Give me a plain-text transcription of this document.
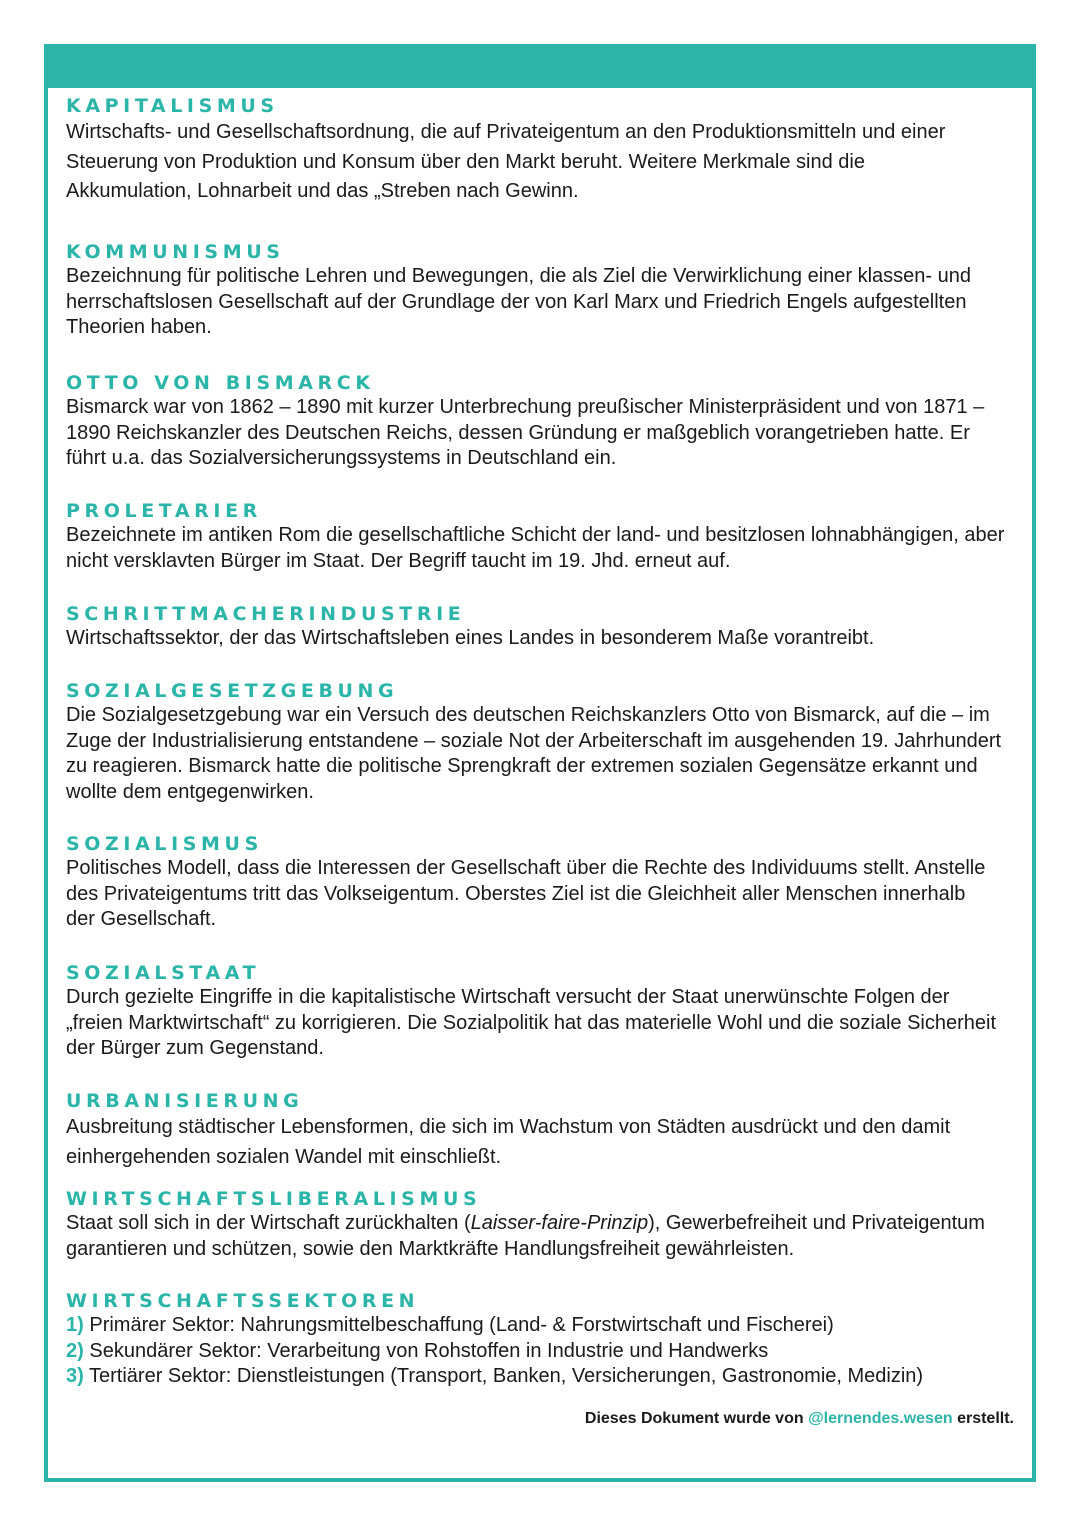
KAPITALISMUS
Wirtschafts- und Gesellschaftsordnung, die auf Privateigentum an den Produktionsmitteln und einer Steuerung von Produktion und Konsum über den Markt beruht. Weitere Merkmale sind die Akkumulation, Lohnarbeit und das „Streben nach Gewinn.
KOMMUNISMUS
Bezeichnung für politische Lehren und Bewegungen, die als Ziel die Verwirklichung einer klassen- und herrschaftslosen Gesellschaft auf der Grundlage der von Karl Marx und Friedrich Engels aufgestellten Theorien haben.
OTTO VON BISMARCK
Bismarck war von 1862 – 1890 mit kurzer Unterbrechung preußischer Ministerpräsident und von 1871 – 1890 Reichskanzler des Deutschen Reichs, dessen Gründung er maßgeblich vorangetrieben hatte. Er führt u.a. das Sozialversicherungssystems in Deutschland ein.
PROLETARIER
Bezeichnete im antiken Rom die gesellschaftliche Schicht der land- und besitzlosen lohnabhängigen, aber nicht versklavten Bürger im Staat. Der Begriff taucht im 19. Jhd. erneut auf.
SCHRITTMACHERINDUSTRIE
Wirtschaftssektor, der das Wirtschaftsleben eines Landes in besonderem Maße vorantreibt.
SOZIALGESETZGEBUNG
Die Sozialgesetzgebung war ein Versuch des deutschen Reichskanzlers Otto von Bismarck, auf die – im Zuge der Industrialisierung entstandene – soziale Not der Arbeiterschaft im ausgehenden 19. Jahrhundert zu reagieren. Bismarck hatte die politische Sprengkraft der extremen sozialen Gegensätze erkannt und wollte dem entgegenwirken.
SOZIALISMUS
Politisches Modell, dass die Interessen der Gesellschaft über die Rechte des Individuums stellt. Anstelle des Privateigentums tritt das Volkseigentum. Oberstes Ziel ist die Gleichheit aller Menschen innerhalb der Gesellschaft.
SOZIALSTAAT
Durch gezielte Eingriffe in die kapitalistische Wirtschaft versucht der Staat unerwünschte Folgen der „freien Marktwirtschaft“ zu korrigieren. Die Sozialpolitik hat das materielle Wohl und die soziale Sicherheit der Bürger zum Gegenstand.
URBANISIERUNG
Ausbreitung städtischer Lebensformen, die sich im Wachstum von Städten ausdrückt und den damit einhergehenden sozialen Wandel mit einschließt.
WIRTSCHAFTSLIBERALISMUS
Staat soll sich in der Wirtschaft zurückhalten (Laisser-faire-Prinzip), Gewerbefreiheit und Privateigentum garantieren und schützen, sowie den Marktkräfte Handlungsfreiheit gewährleisten.
WIRTSCHAFTSSEKTOREN
1) Primärer Sektor: Nahrungsmittelbeschaffung (Land- & Forstwirtschaft und Fischerei)
2) Sekundärer Sektor: Verarbeitung von Rohstoffen in Industrie und Handwerks
3) Tertiärer Sektor: Dienstleistungen (Transport, Banken, Versicherungen, Gastronomie, Medizin)
Dieses Dokument wurde von @lernendes.wesen erstellt.
